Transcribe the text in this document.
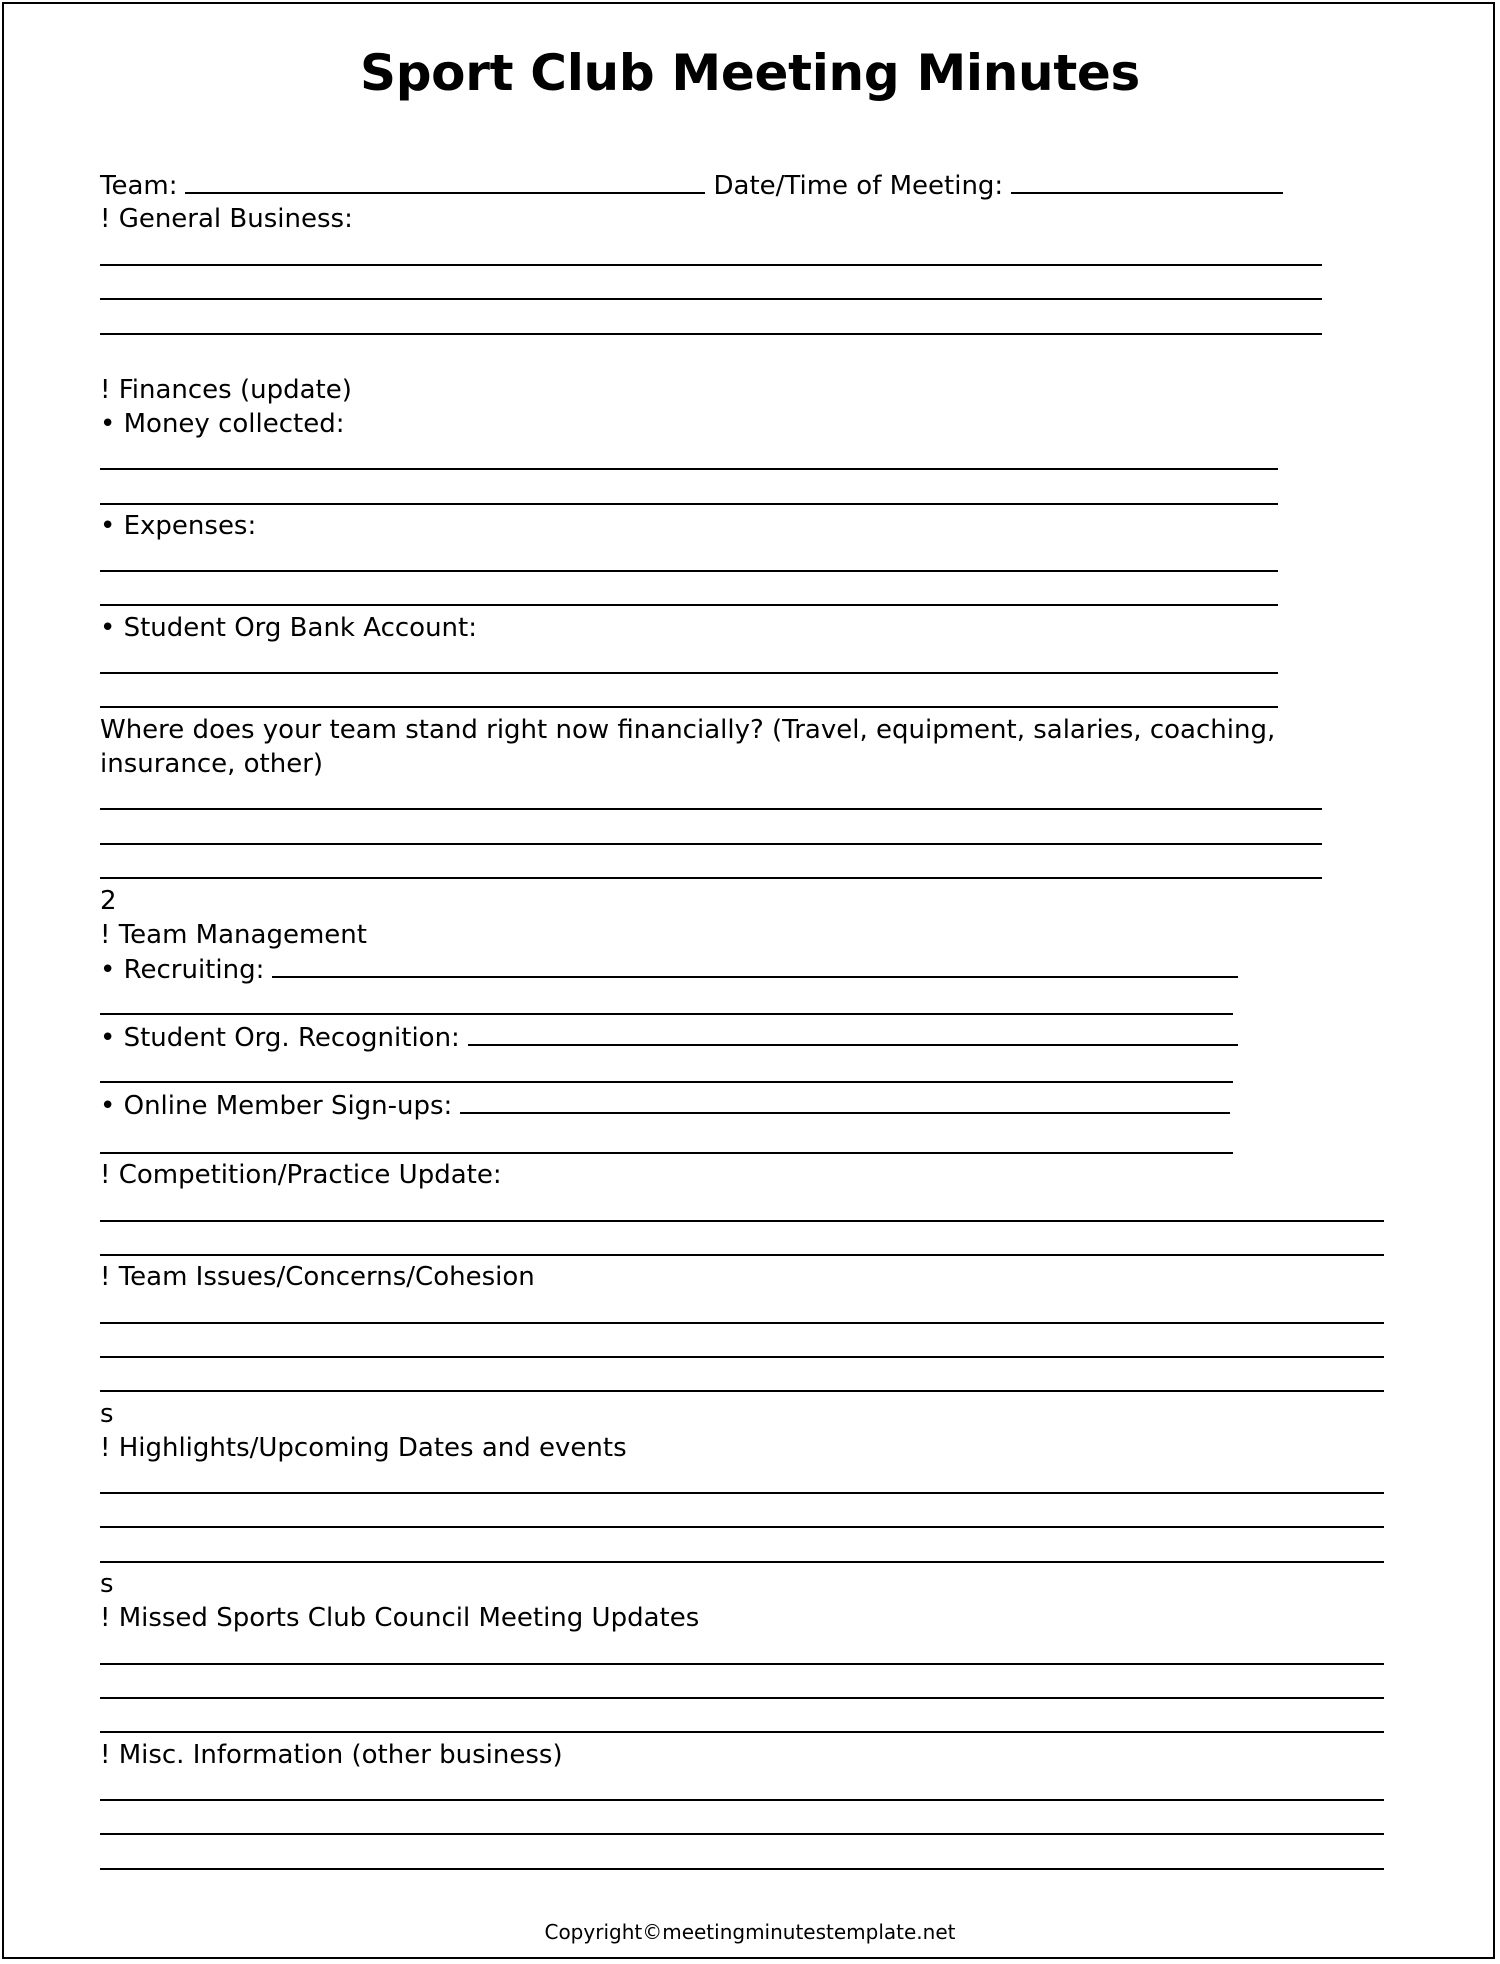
Sport Club Meeting Minutes
Team:	Date/Time of Meeting:
! General Business:
! Finances (update)
• Money collected:
• Expenses:
• Student Org Bank Account:
Where does your team stand right now financially? (Travel, equipment, salaries, coaching,
insurance, other)
2
! Team Management
• Recruiting:
• Student Org. Recognition:
• Online Member Sign-ups:
! Competition/Practice Update:
! Team Issues/Concerns/Cohesion
s
! Highlights/Upcoming Dates and events
s
! Missed Sports Club Council Meeting Updates
! Misc. Information (other business)
Copyright©meetingminutestemplate.net
